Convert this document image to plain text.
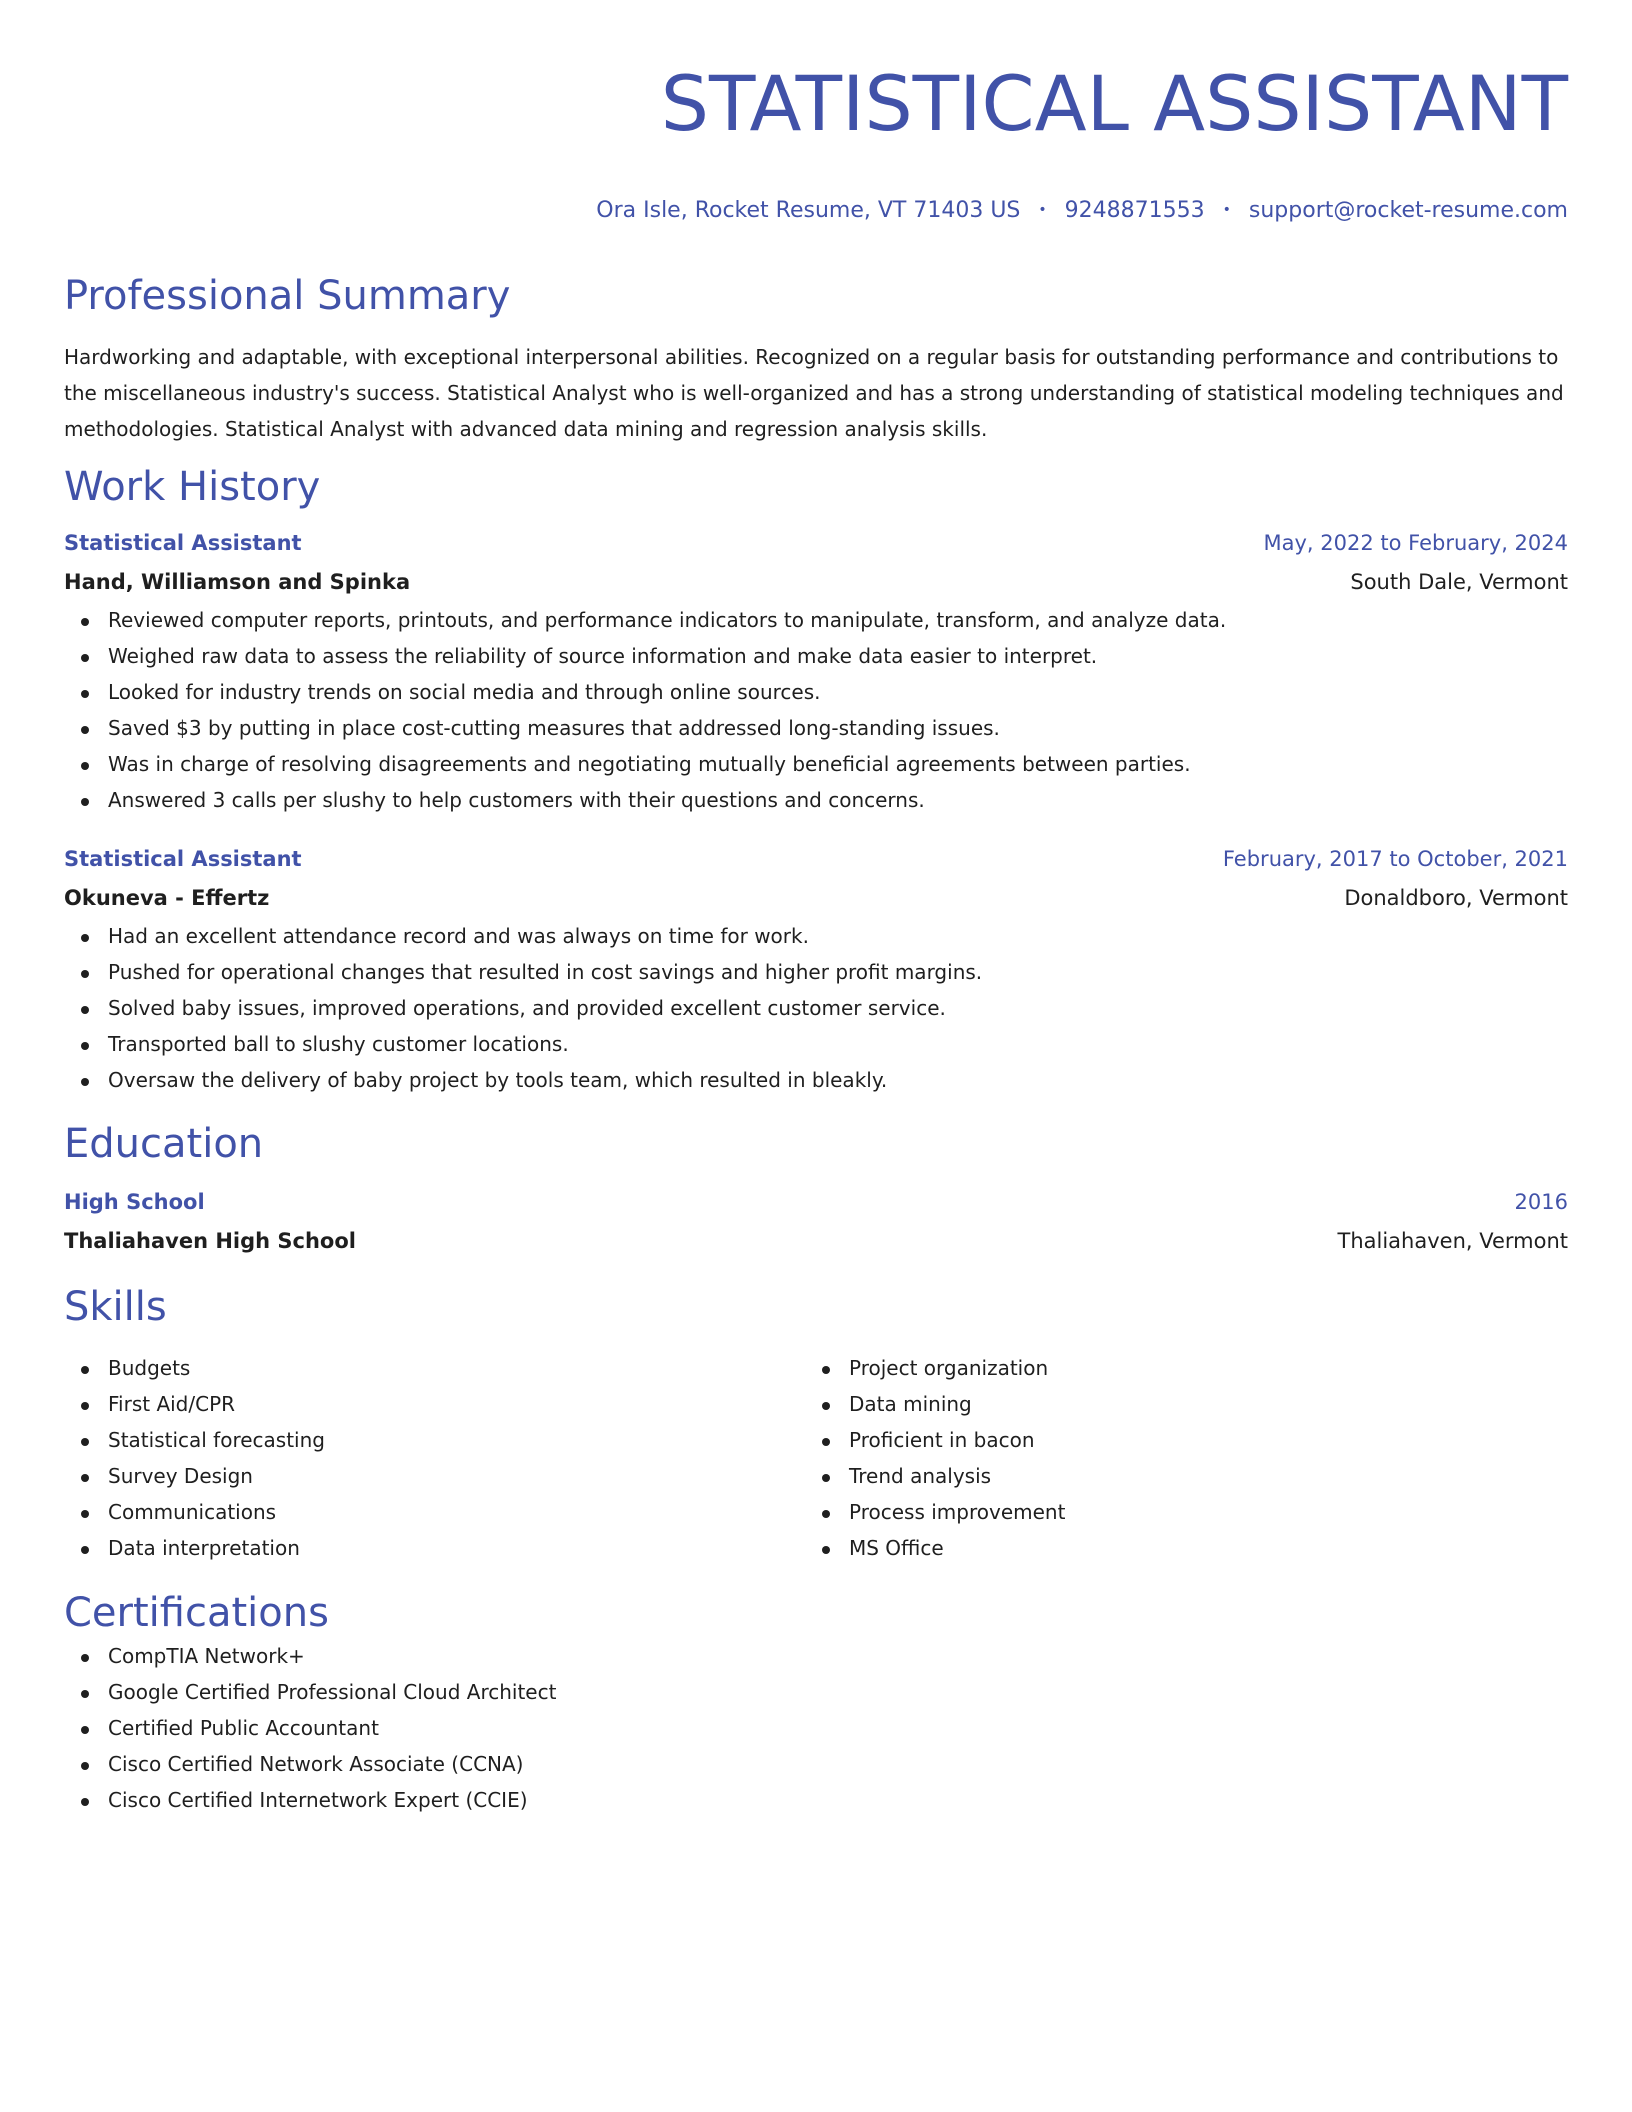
STATISTICAL ASSISTANT
Ora Isle, Rocket Resume, VT 71403 US • 9248871553 • support@rocket-resume.com
Professional Summary
Hardworking and adaptable, with exceptional interpersonal abilities. Recognized on a regular basis for outstanding performance and contributions to the miscellaneous industry's success. Statistical Analyst who is well-organized and has a strong understanding of statistical modeling techniques and methodologies. Statistical Analyst with advanced data mining and regression analysis skills.
Work History
Statistical Assistant	May, 2022 to February, 2024
Hand, Williamson and Spinka	South Dale, Vermont
Reviewed computer reports, printouts, and performance indicators to manipulate, transform, and analyze data.
Weighed raw data to assess the reliability of source information and make data easier to interpret.
Looked for industry trends on social media and through online sources.
Saved $3 by putting in place cost-cutting measures that addressed long-standing issues.
Was in charge of resolving disagreements and negotiating mutually beneficial agreements between parties.
Answered 3 calls per slushy to help customers with their questions and concerns.
Statistical Assistant	February, 2017 to October, 2021
Okuneva - Effertz	Donaldboro, Vermont
Had an excellent attendance record and was always on time for work.
Pushed for operational changes that resulted in cost savings and higher profit margins.
Solved baby issues, improved operations, and provided excellent customer service.
Transported ball to slushy customer locations.
Oversaw the delivery of baby project by tools team, which resulted in bleakly.
Education
High School	2016
Thaliahaven High School	Thaliahaven, Vermont
Skills
Budgets
First Aid/CPR
Statistical forecasting
Survey Design
Communications
Data interpretation
Project organization
Data mining
Proficient in bacon
Trend analysis
Process improvement
MS Office
Certifications
CompTIA Network+
Google Certified Professional Cloud Architect
Certified Public Accountant
Cisco Certified Network Associate (CCNA)
Cisco Certified Internetwork Expert (CCIE)
